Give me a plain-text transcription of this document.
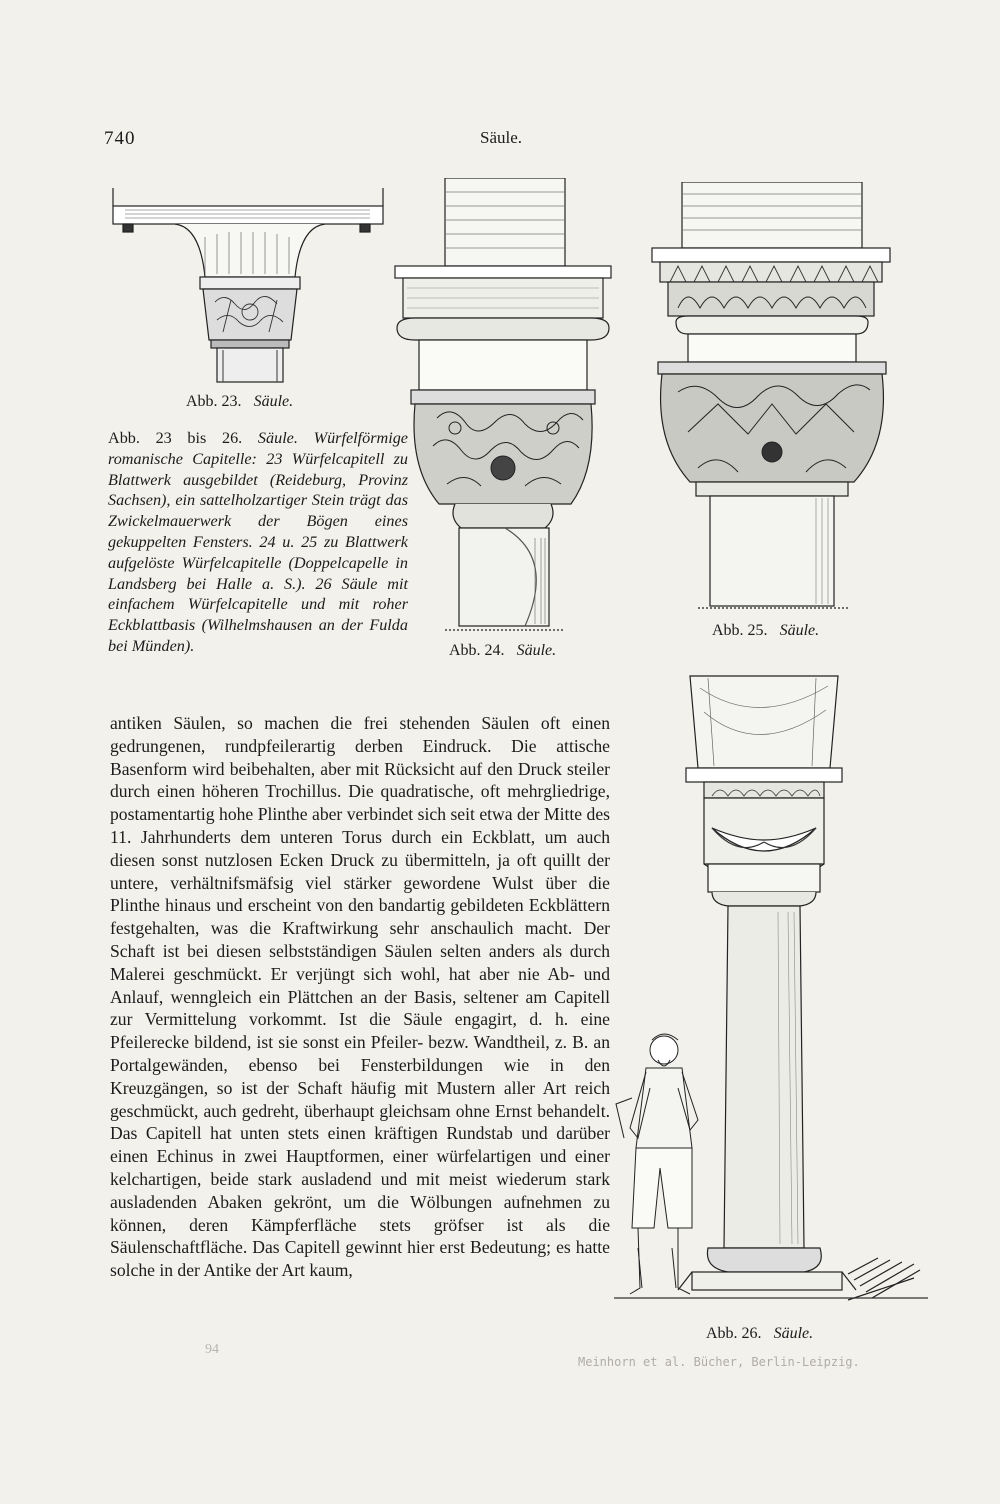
740	Säule.
Abb. 23. Säule.
Abb. 24. Säule.
Abb. 25. Säule.
Abb. 26. Säule.
Abb. 23 bis 26. Säule. Würfelförmige romanische Capitelle: 23 Würfelcapitell zu Blattwerk ausgebildet (Reideburg, Provinz Sachsen), ein sattelholzartiger Stein trägt das Zwickelmauerwerk der Bögen eines gekuppelten Fensters. 24 u. 25 zu Blattwerk aufgelöste Würfelcapitelle (Doppelcapelle in Landsberg bei Halle a. S.). 26 Säule mit einfachem Würfelcapitelle und mit roher Eckblattbasis (Wilhelmshausen an der Fulda bei Münden).

antiken Säulen, so machen die frei stehenden Säulen oft einen gedrungenen, rundpfeilerartig derben Eindruck. Die attische Basenform wird beibehalten, aber mit Rücksicht auf den Druck steiler durch einen höheren Trochillus. Die quadratische, oft mehrgliedrige, postamentartig hohe Plinthe aber verbindet sich seit etwa der Mitte des 11. Jahrhunderts dem unteren Torus durch ein Eckblatt, um auch diesen sonst nutzlosen Ecken Druck zu übermitteln, ja oft quillt der untere, verhältnifsmäfsig viel stärker gewordene Wulst über die Plinthe hinaus und erscheint von den bandartig gebildeten Eckblättern festgehalten, was die Kraftwirkung sehr anschaulich macht. Der Schaft ist bei diesen selbstständigen Säulen selten anders als durch Malerei geschmückt. Er verjüngt sich wohl, hat aber nie Ab- und Anlauf, wenngleich ein Plättchen an der Basis, seltener am Capitell zur Vermittelung vorkommt. Ist die Säule engagirt, d. h. eine Pfeilerecke bildend, ist sie sonst ein Pfeiler- bezw. Wandtheil, z. B. an Portalgewänden, ebenso bei Fensterbildungen wie in den Kreuzgängen, so ist der Schaft häufig mit Mustern aller Art reich geschmückt, auch gedreht, überhaupt gleichsam ohne Ernst behandelt. Das Capitell hat unten stets einen kräftigen Rundstab und darüber einen Echinus in zwei Hauptformen, einer würfelartigen und einer kelchartigen, beide stark ausladend und mit meist wiederum stark ausladenden Abaken gekrönt, um die Wölbungen aufnehmen zu können, deren Kämpferfläche stets gröfser ist als die Säulenschaftfläche. Das Capitell gewinnt hier erst Bedeutung; es hatte solche in der Antike der Art kaum,

94
Meinhorn et al. Bücher, Berlin-Leipzig.
